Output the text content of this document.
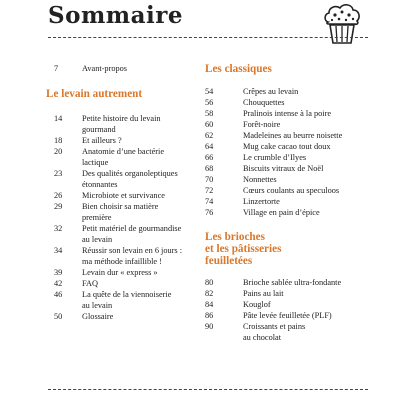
Sommaire
7	Avant-propos
Le levain autrement
14 Petite histoire du levain
gourmand
18 Et ailleurs ?
20 Anatomie d’une bactérie
lactique
23 Des qualités organoleptiques
étonnantes
26 Microbiote et survivance
29 Bien choisir sa matière
première
32 Petit matériel de gourmandise
au levain
34 Réussir son levain en 6 jours :
ma méthode infaillible !
39 Levain dur « express »
42 FAQ
46 La quête de la viennoiserie
au levain
50 Glossaire
Les classiques
54	Crêpes au levain
56	Chouquettes
58	Pralinois intense à la poire
60	Forêt-noire
62	Madeleines au beurre noisette
64	Mug cake cacao tout doux
66	Le crumble d’Ilyes
68	Biscuits vitraux de Noël
70	Nonnettes
72	Cœurs coulants au speculoos
74	Linzertorte
76	Village en pain d’épice
Les brioches
et les pâtisseries
feuilletées
80	Brioche sablée ultra-fondante
82	Pains au lait
84	Kouglof
86	Pâte levée feuilletée (PLF)
90	Croissants et pains
au chocolat
